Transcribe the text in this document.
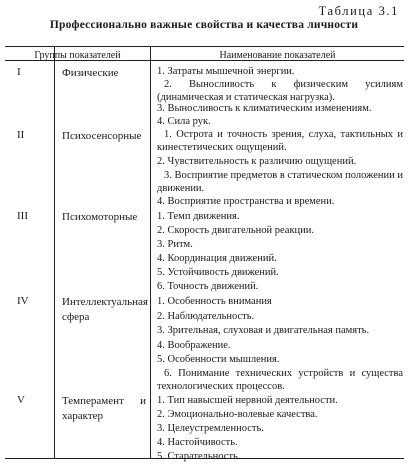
Таблица 3.1
Профессионально важные свойства и качества личности
Группы показателей	Наименование показателей
I	Физические	1. Затраты мышечной энергии.
2. Выносливость к физическим усилиям (динамическая и статическая нагрузка).
3. Выносливость к климатическим изменениям.
4. Сила рук.
II	Психосенсорные	1. Острота и точность зрения, слуха, тактильных и кинестетических ощущений.
2. Чувствительность к различию ощущений.
3. Восприятие предметов в статическом положении и движении.
4. Восприятие пространства и времени.
III	Психомоторные	1. Темп движения.
2. Скорость двигательной реакции.
3. Ритм.
4. Координация движений.
5. Устойчивость движений.
6. Точность движений.
IV	Интеллектуальная сфера
1. Особенность внимания
2. Наблюдательность.
3. Зрительная, слуховая и двигательная память.
4. Воображение.
5. Особенности мышления.
6. Понимание технических устройств и существа технологических процессов.
V	Темперамент и характер
1. Тип навысшей нервной деятельности.
2. Эмоционально-волевые качества.
3. Целеустремленность.
4. Настойчивость.
5. Старательность.
